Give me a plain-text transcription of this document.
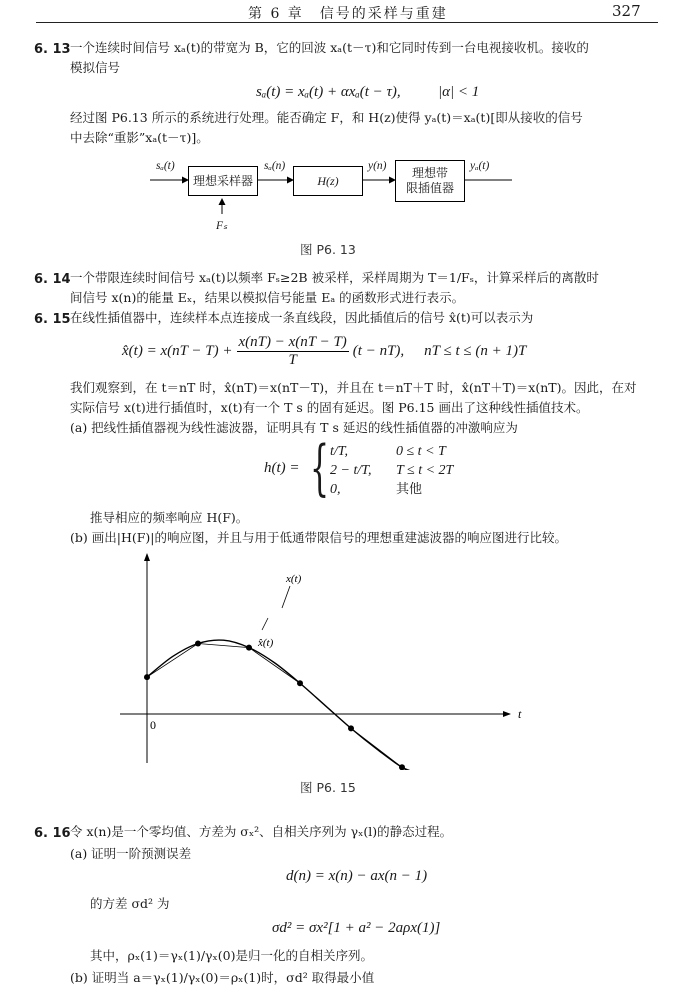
第 6 章　信号的采样与重建	327
6. 13 一个连续时间信号 xₐ(t)的带宽为 B，它的回波 xₐ(t－τ)和它同时传到一台电视接收机。接收的
模拟信号
sₐ(t) = xₐ(t) + αxₐ(t − τ), |α| < 1
经过图 P6.13 所示的系统进行处理。能否确定 F，和 H(z)使得 yₐ(t)＝xₐ(t)[即从接收的信号
中去除“重影”xₐ(t－τ)]。
sₐ(t)
理想采样器
sₐ(n)
H(z)
y(n) 理想带
限插值器
yₐ(t)
Fₛ
图 P6. 13
6. 14 一个带限连续时间信号 xₐ(t)以频率 Fₛ≥2B 被采样，采样周期为 T＝1/Fₛ，计算采样后的离散时
间信号 x(n)的能量 Eₓ，结果以模拟信号能量 Eₐ 的函数形式进行表示。
6. 15 在线性插值器中，连续样本点连接成一条直线段，因此插值后的信号 x̂(t)可以表示为
x̂(t) = $x(nT - T) + \frac{x(nT) - x(nT - T)}{T} (t - nT)$, nT ≤ t ≤ (n + 1)T
我们观察到，在 t＝nT 时，x̂(nT)＝x(nT－T)，并且在 t＝nT＋T 时，x̂(nT＋T)＝x(nT)。因此，在对
实际信号 x(t)进行插值时，x(t)有一个 T s 的固有延迟。图 P6.15 画出了这种线性插值技术。
(a) 把线性插值器视为线性滤波器，证明具有 T s 延迟的线性插值器的冲激响应为
h(t) = { t/T,	0 ≤ t < T
2 − t/T, T ≤ t < 2T
0,	其他
推导相应的频率响应 H(F)。
(b) 画出|H(F)|的响应图，并且与用于低通带限信号的理想重建滤波器的响应图进行比较。
0
t
x(t)
x̂(t)
图 P6. 15
6. 16 令 x(n)是一个零均值、方差为 σₓ²、自相关序列为 γₓ(l)的静态过程。
(a) 证明一阶预测误差
d(n) = x(n) − ax(n − 1)
的方差 σd² 为
σd² = σx²[1 + a² − 2aρx(1)]
其中，ρₓ(1)＝γₓ(1)/γₓ(0)是归一化的自相关序列。
(b) 证明当 a＝γₓ(1)/γₓ(0)＝ρₓ(1)时，σd² 取得最小值
